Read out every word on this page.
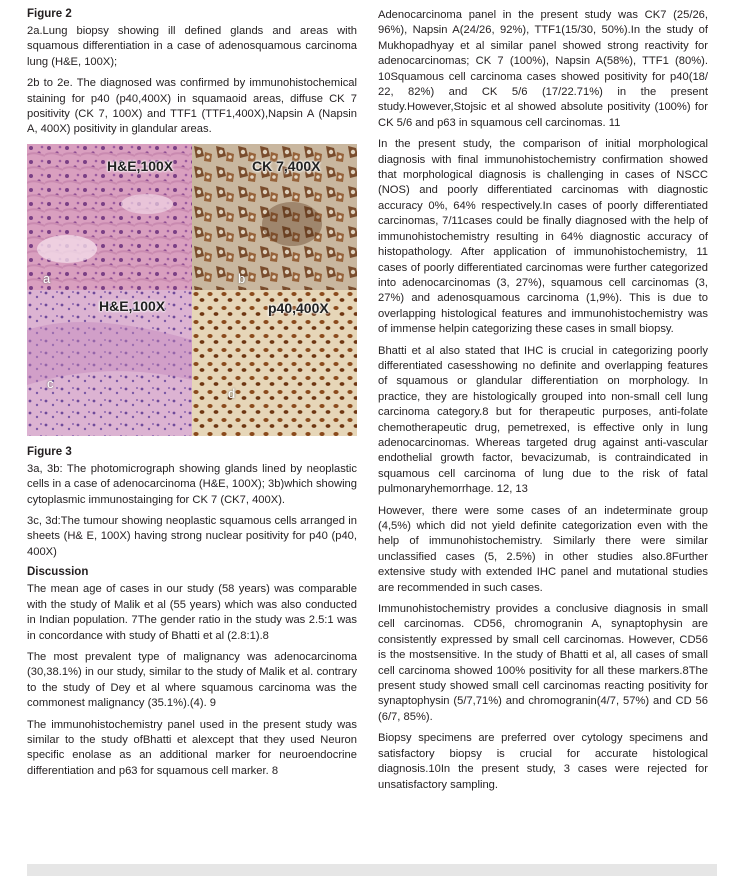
Figure 2

2a.Lung biopsy showing ill defined glands and areas with squamous differentiation in a case of adenosquamous carcinoma lung (H&E, 100X);

2b to 2e. The diagnosed was confirmed by immunohistochemical staining for p40 (p40,400X) in squamaoid areas, diffuse CK 7 positivity (CK 7, 100X) and TTF1 (TTF1,400X),Napsin A (Napsin A, 400X) positivity in glandular areas.

H&E,100X
a
CK 7,400X
b
H&E,100X
c
p40,400X
d
Figure 3

3a, 3b: The photomicrograph showing glands lined by neoplastic cells in a case of adenocarcinoma (H&E, 100X); 3b)which showing cytoplasmic immunostainging for CK 7 (CK7, 400X).

3c, 3d:The tumour showing neoplastic squamous cells arranged in sheets (H& E, 100X) having strong nuclear positivity for p40 (p40, 400X)

Discussion

The mean age of cases in our study (58 years) was comparable with the study of Malik et al (55 years) which was also conducted in Indian population. 7The gender ratio in the study was 2.5:1 was in concordance with study of Bhatti et al (2.8:1).8

The most prevalent type of malignancy was adenocarcinoma (30,38.1%) in our study, similar to the study of Malik et al. contrary to the study of Dey et al where squamous carcinoma was the commonest malignancy (35.1%).(4). 9

The immunohistochemistry panel used in the present study was similar to the study ofBhatti et alexcept that they used Neuron specific enolase as an additional marker for neuroendocrine differentiation and p63 for squamous cell marker. 8

Adenocarcinoma panel in the present study was CK7 (25/26, 96%), Napsin A(24/26, 92%), TTF1(15/30, 50%).In the study of Mukhopadhyay et al similar panel showed strong reactivity for adenocarcinomas; CK 7 (100%), Napsin A(58%), TTF1 (80%). 10Squamous cell carcinoma cases showed positivity for p40(18/ 22, 82%) and CK 5/6 (17/22.71%) in the present study.However,Stojsic et al showed absolute positivity (100%) for CK 5/6 and p63 in squamous cell carcinomas. 11

In the present study, the comparison of initial morphological diagnosis with final immunohistochemistry confirmation showed that morphological diagnosis is challenging in cases of NSCC (NOS) and poorly differentiated carcinomas with diagnostic accuracy 0%, 64% respectively.In cases of poorly differentiated carcinomas, 7/11cases could be finally diagnosed with the help of immunohistochemistry resulting in 64% diagnostic accuracy of histopathology. After application of immunohistochemistry, 11 cases of poorly differentiated carcinomas were further categorized into adenocarcinomas (3, 27%), squamous cell carcinomas (3, 27%) and adenosquamous carcinoma (1,9%). This is due to overlapping histological features and immunohistochemistry was of immense helpin categorizing these cases in small biopsy.

Bhatti et al also stated that IHC is crucial in categorizing poorly differentiated casesshowing no definite and overlapping features of squamous or glandular differentiation on morphology. In practice, they are histologically grouped into non-small cell lung carcinoma category.8 but for therapeutic purposes, anti-folate chemotherapeutic drug, pemetrexed, is effective only in lung adenocarcinomas. Whereas targeted drug against anti-vascular endothelial growth factor, bevacizumab, is contraindicated in squamous cell carcinoma of lung due to the risk of fatal pulmonaryhemorrhage. 12, 13

However, there were some cases of an indeterminate group (4,5%) which did not yield definite categorization even with the help of immunohistochemistry. Similarly there were similar unclassified cases (5, 2.5%) in other studies also.8Further extensive study with extended IHC panel and mutational studies are recommended in such cases.

Immunohistochemistry provides a conclusive diagnosis in small cell carcinomas. CD56, chromogranin A, synaptophysin are consistently expressed by small cell carcinomas. However, CD56 is the mostsensitive. In the study of Bhatti et al, all cases of small cell carcinoma showed 100% positivity for all these markers.8The present study showed small cell carcinomas reacting positivity for synaptophysin (5/7,71%) and chromogranin(4/7, 57%) and CD 56 (6/7, 85%).

Biopsy specimens are preferred over cytology specimens and satisfactory biopsy is crucial for accurate histological diagnosis.10In the present study, 3 cases were rejected for unsatisfactory sampling.
